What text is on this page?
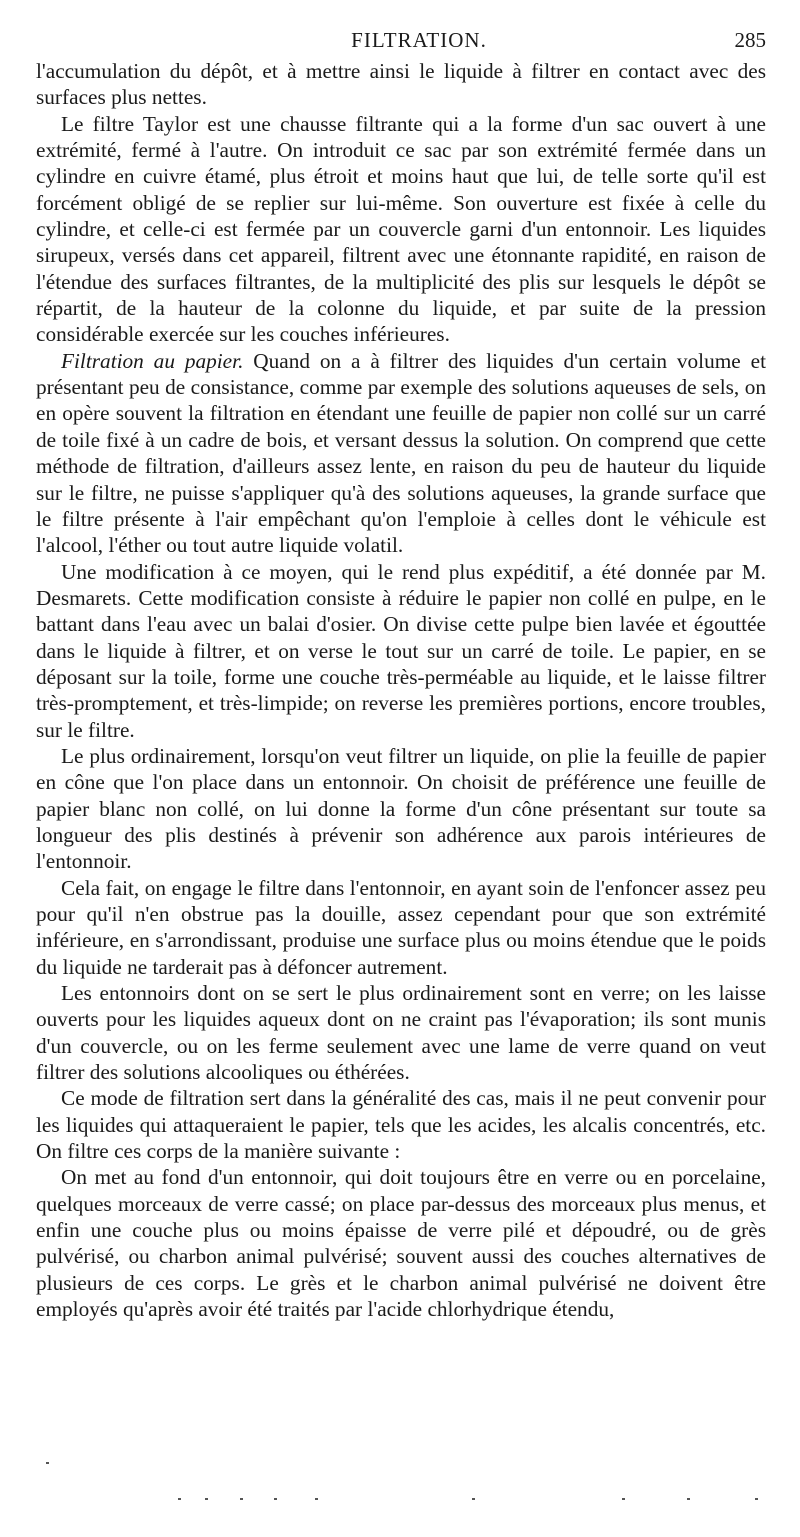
FILTRATION.	285

l'accumulation du dépôt, et à mettre ainsi le liquide à filtrer en contact avec des surfaces plus nettes.

Le filtre Taylor est une chausse filtrante qui a la forme d'un sac ouvert à une extrémité, fermé à l'autre. On introduit ce sac par son extrémité fermée dans un cylindre en cuivre étamé, plus étroit et moins haut que lui, de telle sorte qu'il est forcément obligé de se replier sur lui-même. Son ouverture est fixée à celle du cylindre, et celle-ci est fermée par un couvercle garni d'un entonnoir. Les liquides sirupeux, versés dans cet appareil, filtrent avec une étonnante rapidité, en raison de l'étendue des surfaces filtrantes, de la multiplicité des plis sur lesquels le dépôt se répartit, de la hauteur de la colonne du liquide, et par suite de la pression considérable exercée sur les couches inférieures.

Filtration au papier. Quand on a à filtrer des liquides d'un certain volume et présentant peu de consistance, comme par exemple des solutions aqueuses de sels, on en opère souvent la filtration en étendant une feuille de papier non collé sur un carré de toile fixé à un cadre de bois, et versant dessus la solution. On comprend que cette méthode de filtration, d'ailleurs assez lente, en raison du peu de hauteur du liquide sur le filtre, ne puisse s'appliquer qu'à des solutions aqueuses, la grande surface que le filtre présente à l'air empêchant qu'on l'emploie à celles dont le véhicule est l'alcool, l'éther ou tout autre liquide volatil.

Une modification à ce moyen, qui le rend plus expéditif, a été donnée par M. Desmarets. Cette modification consiste à réduire le papier non collé en pulpe, en le battant dans l'eau avec un balai d'osier. On divise cette pulpe bien lavée et égouttée dans le liquide à filtrer, et on verse le tout sur un carré de toile. Le papier, en se déposant sur la toile, forme une couche très-perméable au liquide, et le laisse filtrer très-promptement, et très-limpide; on reverse les premières portions, encore troubles, sur le filtre.

Le plus ordinairement, lorsqu'on veut filtrer un liquide, on plie la feuille de papier en cône que l'on place dans un entonnoir. On choisit de préférence une feuille de papier blanc non collé, on lui donne la forme d'un cône présentant sur toute sa longueur des plis destinés à prévenir son adhérence aux parois intérieures de l'entonnoir.

Cela fait, on engage le filtre dans l'entonnoir, en ayant soin de l'enfoncer assez peu pour qu'il n'en obstrue pas la douille, assez cependant pour que son extrémité inférieure, en s'arrondissant, produise une surface plus ou moins étendue que le poids du liquide ne tarderait pas à défoncer autrement.

Les entonnoirs dont on se sert le plus ordinairement sont en verre; on les laisse ouverts pour les liquides aqueux dont on ne craint pas l'évaporation; ils sont munis d'un couvercle, ou on les ferme seulement avec une lame de verre quand on veut filtrer des solutions alcooliques ou éthérées.

Ce mode de filtration sert dans la généralité des cas, mais il ne peut convenir pour les liquides qui attaqueraient le papier, tels que les acides, les alcalis concentrés, etc. On filtre ces corps de la manière suivante :

On met au fond d'un entonnoir, qui doit toujours être en verre ou en porcelaine, quelques morceaux de verre cassé; on place par-dessus des morceaux plus menus, et enfin une couche plus ou moins épaisse de verre pilé et dépoudré, ou de grès pulvérisé, ou charbon animal pulvérisé; souvent aussi des couches alternatives de plusieurs de ces corps. Le grès et le charbon animal pulvérisé ne doivent être employés qu'après avoir été traités par l'acide chlorhydrique étendu,
